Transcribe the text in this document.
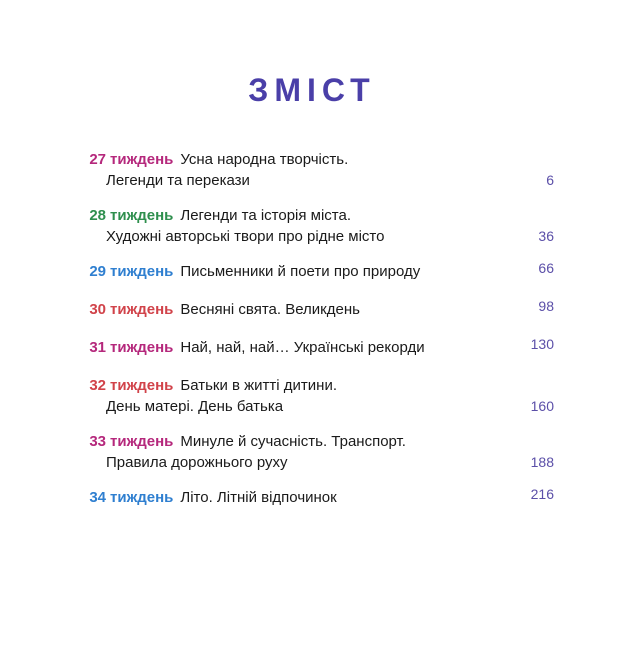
ЗМІСТ
27 тиждень Усна народна творчість.
Легенди та перекази	6
28 тиждень Легенди та історія міста.
Художні авторські твори про рідне місто	36
29 тиждень Письменники й поети про природу	66
30 тиждень Весняні свята. Великдень	98
31 тиждень Най, най, най… Українські рекорди	130
32 тиждень Батьки в житті дитини.
День матері. День батька	160
33 тиждень Минуле й сучасність. Транспорт.
Правила дорожнього руху	188
34 тиждень Літо. Літній відпочинок	216
